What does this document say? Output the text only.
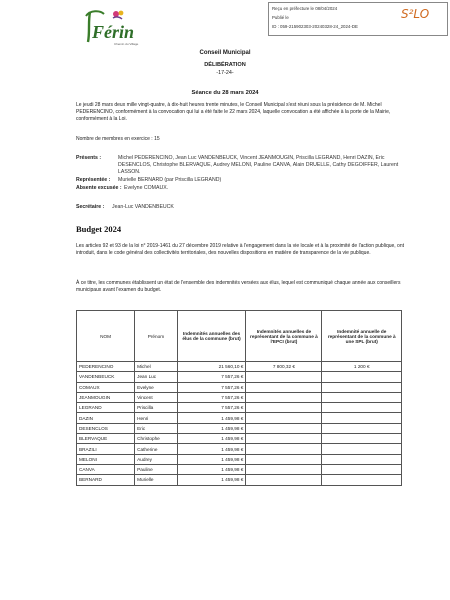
Férin
Chemin du Village
Reçu en préfecture le 08/04/2024
Publié le
ID : 059-215902303-20240328-24_2024-DE
S²LO
Conseil Municipal
DÉLIBÉRATION
-17-24-
Séance du 28 mars 2024
Le jeudi 28 mars deux mille vingt-quatre, à dix-huit heures trente minutes, le Conseil Municipal s'est réuni sous la présidence de M. Michel PEDERENCINO, conformément à la convocation qui lui a été faite le 22 mars 2024, laquelle convocation a été affichée à la porte de la Mairie, conformément à la Loi.
Nombre de membres en exercice : 15
Présents :	Michel PEDERENCINO, Jean Luc VANDENBEUCK, Vincent JEANMOUGIN, Priscilla LEGRAND, Henri DAZIN, Eric DESENCLOS, Christophe BLERVAQUE, Audrey MELONI, Pauline CANVA, Alain DRUELLE, Cathy DEGOIFFER, Laurent LASSON.
Représentée : Murielle BERNARD (par Priscilla LEGRAND)
Absente excusée : Evelyne COMAUX.
Secrétaire : Jean-Luc VANDENBEUCK
Budget 2024
Les articles 92 et 93 de la loi n° 2019-1461 du 27 décembre 2019 relative à l'engagement dans la vie locale et à la proximité de l'action publique, ont introduit, dans le code général des collectivités territoriales, des nouvelles dispositions en matière de transparence de la vie publique.
À ce titre, les communes établissent un état de l'ensemble des indemnités versées aux élus, lequel est communiqué chaque année aux conseillers municipaux avant l'examen du budget.
NOM	Prénom	Indemnités annuelles des élus de la commune (brut)	Indemnités annuelles de représentant de la commune à l'EPCI (brut)	Indemnité annuelle de représentant de la commune à une SPL (brut)
PEDERENCINO	Michel	21 560,10 €	7 800,32 €	1 200 €
VANDENBEUCK	Jean Luc	7 557,26 €		
COMAUX	Evelyne	7 557,26 €		
JEANMOUGIN	Vincent	7 557,26 €		
LEGRAND	Priscilla	7 557,26 €		
DAZIN	Henri	1 459,98 €		
DESENCLOS	Eric	1 459,98 €		
BLERVAQUE	Christophe	1 459,98 €		
BRAZILI	Catherine	1 459,98 €		
MELONI	Audrey	1 459,98 €		
CANVA	Pauline	1 459,98 €		
BERNARD	Murielle	1 459,98 €		
